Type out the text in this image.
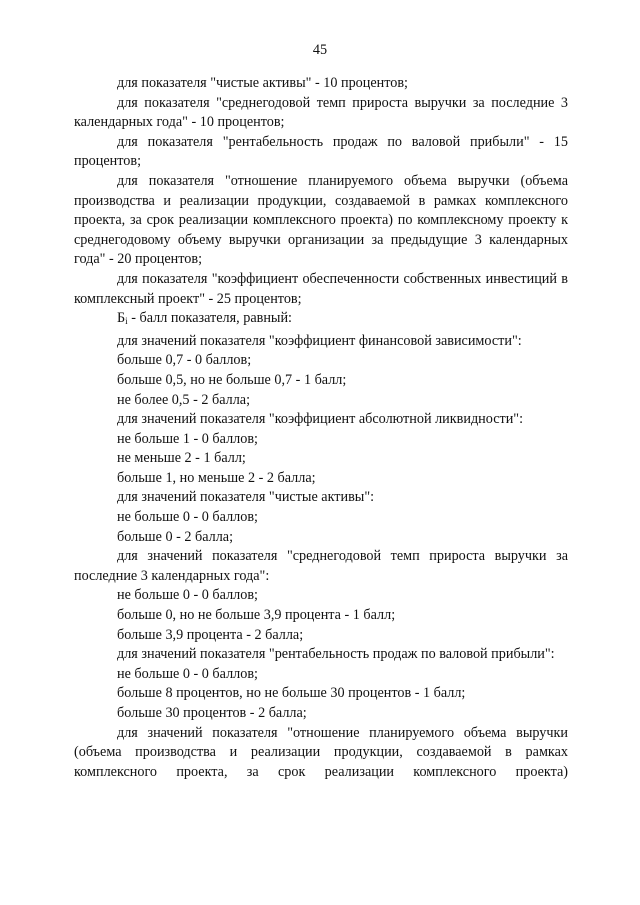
45

для показателя "чистые активы" - 10 процентов;

для показателя "среднегодовой темп прироста выручки за последние 3 календарных года" - 10 процентов;

для показателя "рентабельность продаж по валовой прибыли" - 15 процентов;

для показателя "отношение планируемого объема выручки (объема производства и реализации продукции, создаваемой в рамках комплексного проекта, за срок реализации комплексного проекта) по комплексному проекту к среднегодовому объему выручки организации за предыдущие 3 календарных года" - 20 процентов;

для показателя "коэффициент обеспеченности собственных инвестиций в комплексный проект" - 25 процентов;

$Б_i$ - балл показателя, равный:

для значений показателя "коэффициент финансовой зависимости":

больше 0,7 - 0 баллов;

больше 0,5, но не больше 0,7 - 1 балл;

не более 0,5 - 2 балла;

для значений показателя "коэффициент абсолютной ликвидности":

не больше 1 - 0 баллов;

не меньше 2 - 1 балл;

больше 1, но меньше 2 - 2 балла;

для значений показателя "чистые активы":

не больше 0 - 0 баллов;

больше 0 - 2 балла;

для значений показателя "среднегодовой темп прироста выручки за последние 3 календарных года":

не больше 0 - 0 баллов;

больше 0, но не больше 3,9 процента - 1 балл;

больше 3,9 процента - 2 балла;

для значений показателя "рентабельность продаж по валовой прибыли":

не больше 0 - 0 баллов;

больше 8 процентов, но не больше 30 процентов - 1 балл;

больше 30 процентов - 2 балла;

для значений показателя "отношение планируемого объема выручки (объема производства и реализации продукции, создаваемой в рамках комплексного проекта, за срок реализации комплексного проекта)
